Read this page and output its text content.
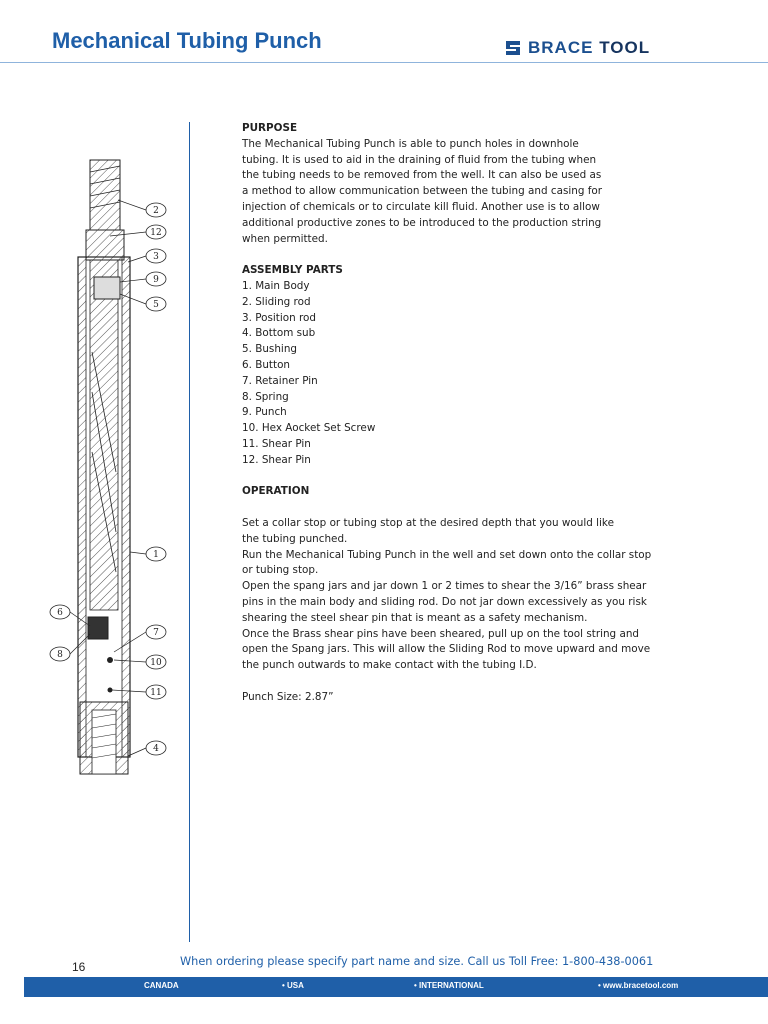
Mechanical Tubing Punch	BRACE TOOL
2
12
3
9
5
1
6
8
7
10
11
4

PURPOSE

The Mechanical Tubing Punch is able to punch holes in downhole

tubing. It is used to aid in the draining of fluid from the tubing when

the tubing needs to be removed from the well. It can also be used as

a method to allow communication between the tubing and casing for

injection of chemicals or to circulate kill fluid. Another use is to allow

additional productive zones to be introduced to the production string

when permitted.

ASSEMBLY PARTS

1. Main Body
2. Sliding rod
3. Position rod
4. Bottom sub
5. Bushing
6. Button
7. Retainer Pin
8. Spring
9. Punch
10. Hex Aocket Set Screw
11. Shear Pin
12. Shear Pin

OPERATION

Set a collar stop or tubing stop at the desired depth that you would like

the tubing punched.

Run the Mechanical Tubing Punch in the well and set down onto the collar stop

or tubing stop.

Open the spang jars and jar down 1 or 2 times to shear the 3/16” brass shear

pins in the main body and sliding rod. Do not jar down excessively as you risk

shearing the steel shear pin that is meant as a safety mechanism.

Once the Brass shear pins have been sheared, pull up on the tool string and

open the Spang jars. This will allow the Sliding Rod to move upward and move

the punch outwards to make contact with the tubing I.D.

Punch Size: 2.87”

16	When ordering please specify part name and size. Call us Toll Free: 1-800-438-0061
CANADA	• USA	• INTERNATIONAL	• www.bracetool.com
